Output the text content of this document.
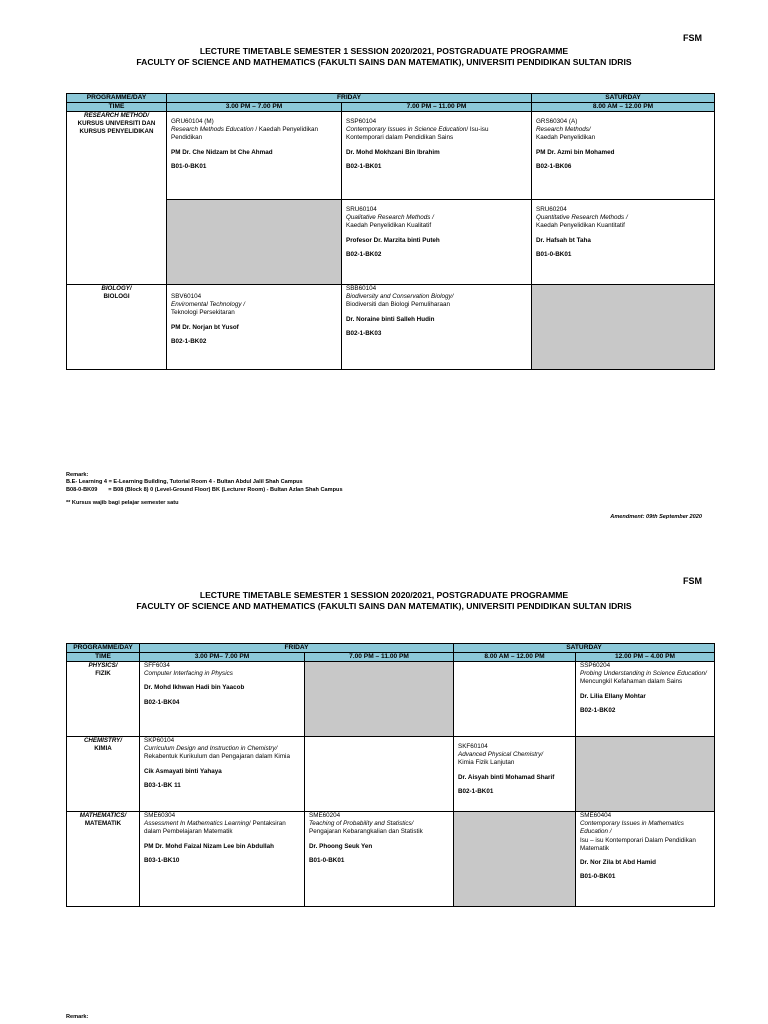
FSM
LECTURE TIMETABLE SEMESTER 1 SESSION 2020/2021, POSTGRADUATE PROGRAMME
FACULTY OF SCIENCE AND MATHEMATICS (FAKULTI SAINS DAN MATEMATIK), UNIVERSITI PENDIDIKAN SULTAN IDRIS
PROGRAMME/DAY	FRIDAY		SATURDAY
TIME	3.00 PM – 7.00 PM	7.00 PM – 11.00 PM	8.00 AM – 12.00 PM

RESEARCH METHOD/
KURSUS UNIVERSITI DAN KURSUS PENYELIDIKAN	GRU60104 (M)
Research Methods Education / Kaedah Penyelidikan Pendidikan
PM Dr. Che Nidzam bt Che Ahmad
B01-0-BK01	SSP60104
Contemporary Issues in Science Education/ Isu-isu Kontemporari dalam Pendidikan Sains
Dr. Mohd Mokhzani Bin Ibrahim
B02-1-BK01	GRS60304 (A)
Research Methods/
Kaedah Penyelidikan
PM Dr. Azmi bin Mohamed
B02-1-BK06

		SRU60104
Qualitative Research Methods /
Kaedah Penyelidikan Kualitatif
Profesor Dr. Marzita binti Puteh
B02-1-BK02	SRU60204
Quantitative Research Methods /
Kaedah Penyelidikan Kuantitatif
Dr. Hafsah bt Taha
B01-0-BK01

BIOLOGY/
BIOLOGI	SBV60104
Enviromental Technology /
Teknologi Persekitaran
PM Dr. Norjan bt Yusof
B02-1-BK02	SBB60104
Biodiversity and Conservation Biology/
Biodiversiti dan Biologi Pemuliharaan
Dr. Noraine binti Salleh Hudin
B02-1-BK03	

Remark:
B.E- Learning 4 = E-Learning Building, Tutorial Room 4 - Bultan Abdul Jalil Shah Campus
B08-0-BK09       = B08 (Block 8) 0 (Level-Ground Floor) BK (Lecturer Room) - Bultan Azlan Shah Campus
** Kursus wajib bagi pelajar semester satu
Amendment: 09th September 2020
FSM
LECTURE TIMETABLE SEMESTER 1 SESSION 2020/2021, POSTGRADUATE PROGRAMME
FACULTY OF SCIENCE AND MATHEMATICS (FAKULTI SAINS DAN MATEMATIK), UNIVERSITI PENDIDIKAN SULTAN IDRIS
PROGRAMME/DAY	FRIDAY		SATURDAY	
TIME	3.00 PM– 7.00 PM	7.00 PM – 11.00 PM	8.00 AM – 12.00 PM	12.00 PM – 4.00 PM

PHYSICS/
FIZIK	SFF6034
Computer Interfacing in Physics
Dr. Mohd Ikhwan Hadi bin Yaacob
B02-1-BK04			SSP60204
Probing Understanding in Science Education/
Mencungkil Kefahaman dalam Sains
Dr. Lilia Ellany Mohtar
B02-1-BK02

CHEMISTRY/
KIMIA	SKP60104
Curriculum Design and Instruction in Chemistry/
Rekabentuk Kurikulum dan Pengajaran dalam Kimia
Cik Asmayati binti Yahaya
B03-1-BK 11		SKF60104
Advanced Physical Chemistry/
Kimia Fizik Lanjutan
Dr. Aisyah binti Mohamad Sharif
B02-1-BK01	

MATHEMATICS/
MATEMATIK	SME60304
Assessment In Mathematics Learning/ Pentaksiran dalam Pembelajaran Matematik
PM Dr. Mohd Faizal Nizam Lee bin Abdullah
B03-1-BK10	SME60204
Teaching of Probability and Statistics/
Pengajaran Kebarangkalian dan Statistik
Dr. Phoong Seuk Yen
B01-0-BK01		SME60404
Contemporary Issues in Mathematics Education /
Isu – isu Kontemporari Dalam Pendidikan Matematik
Dr. Nor Zila bt Abd Hamid
B01-0-BK01
Remark:
